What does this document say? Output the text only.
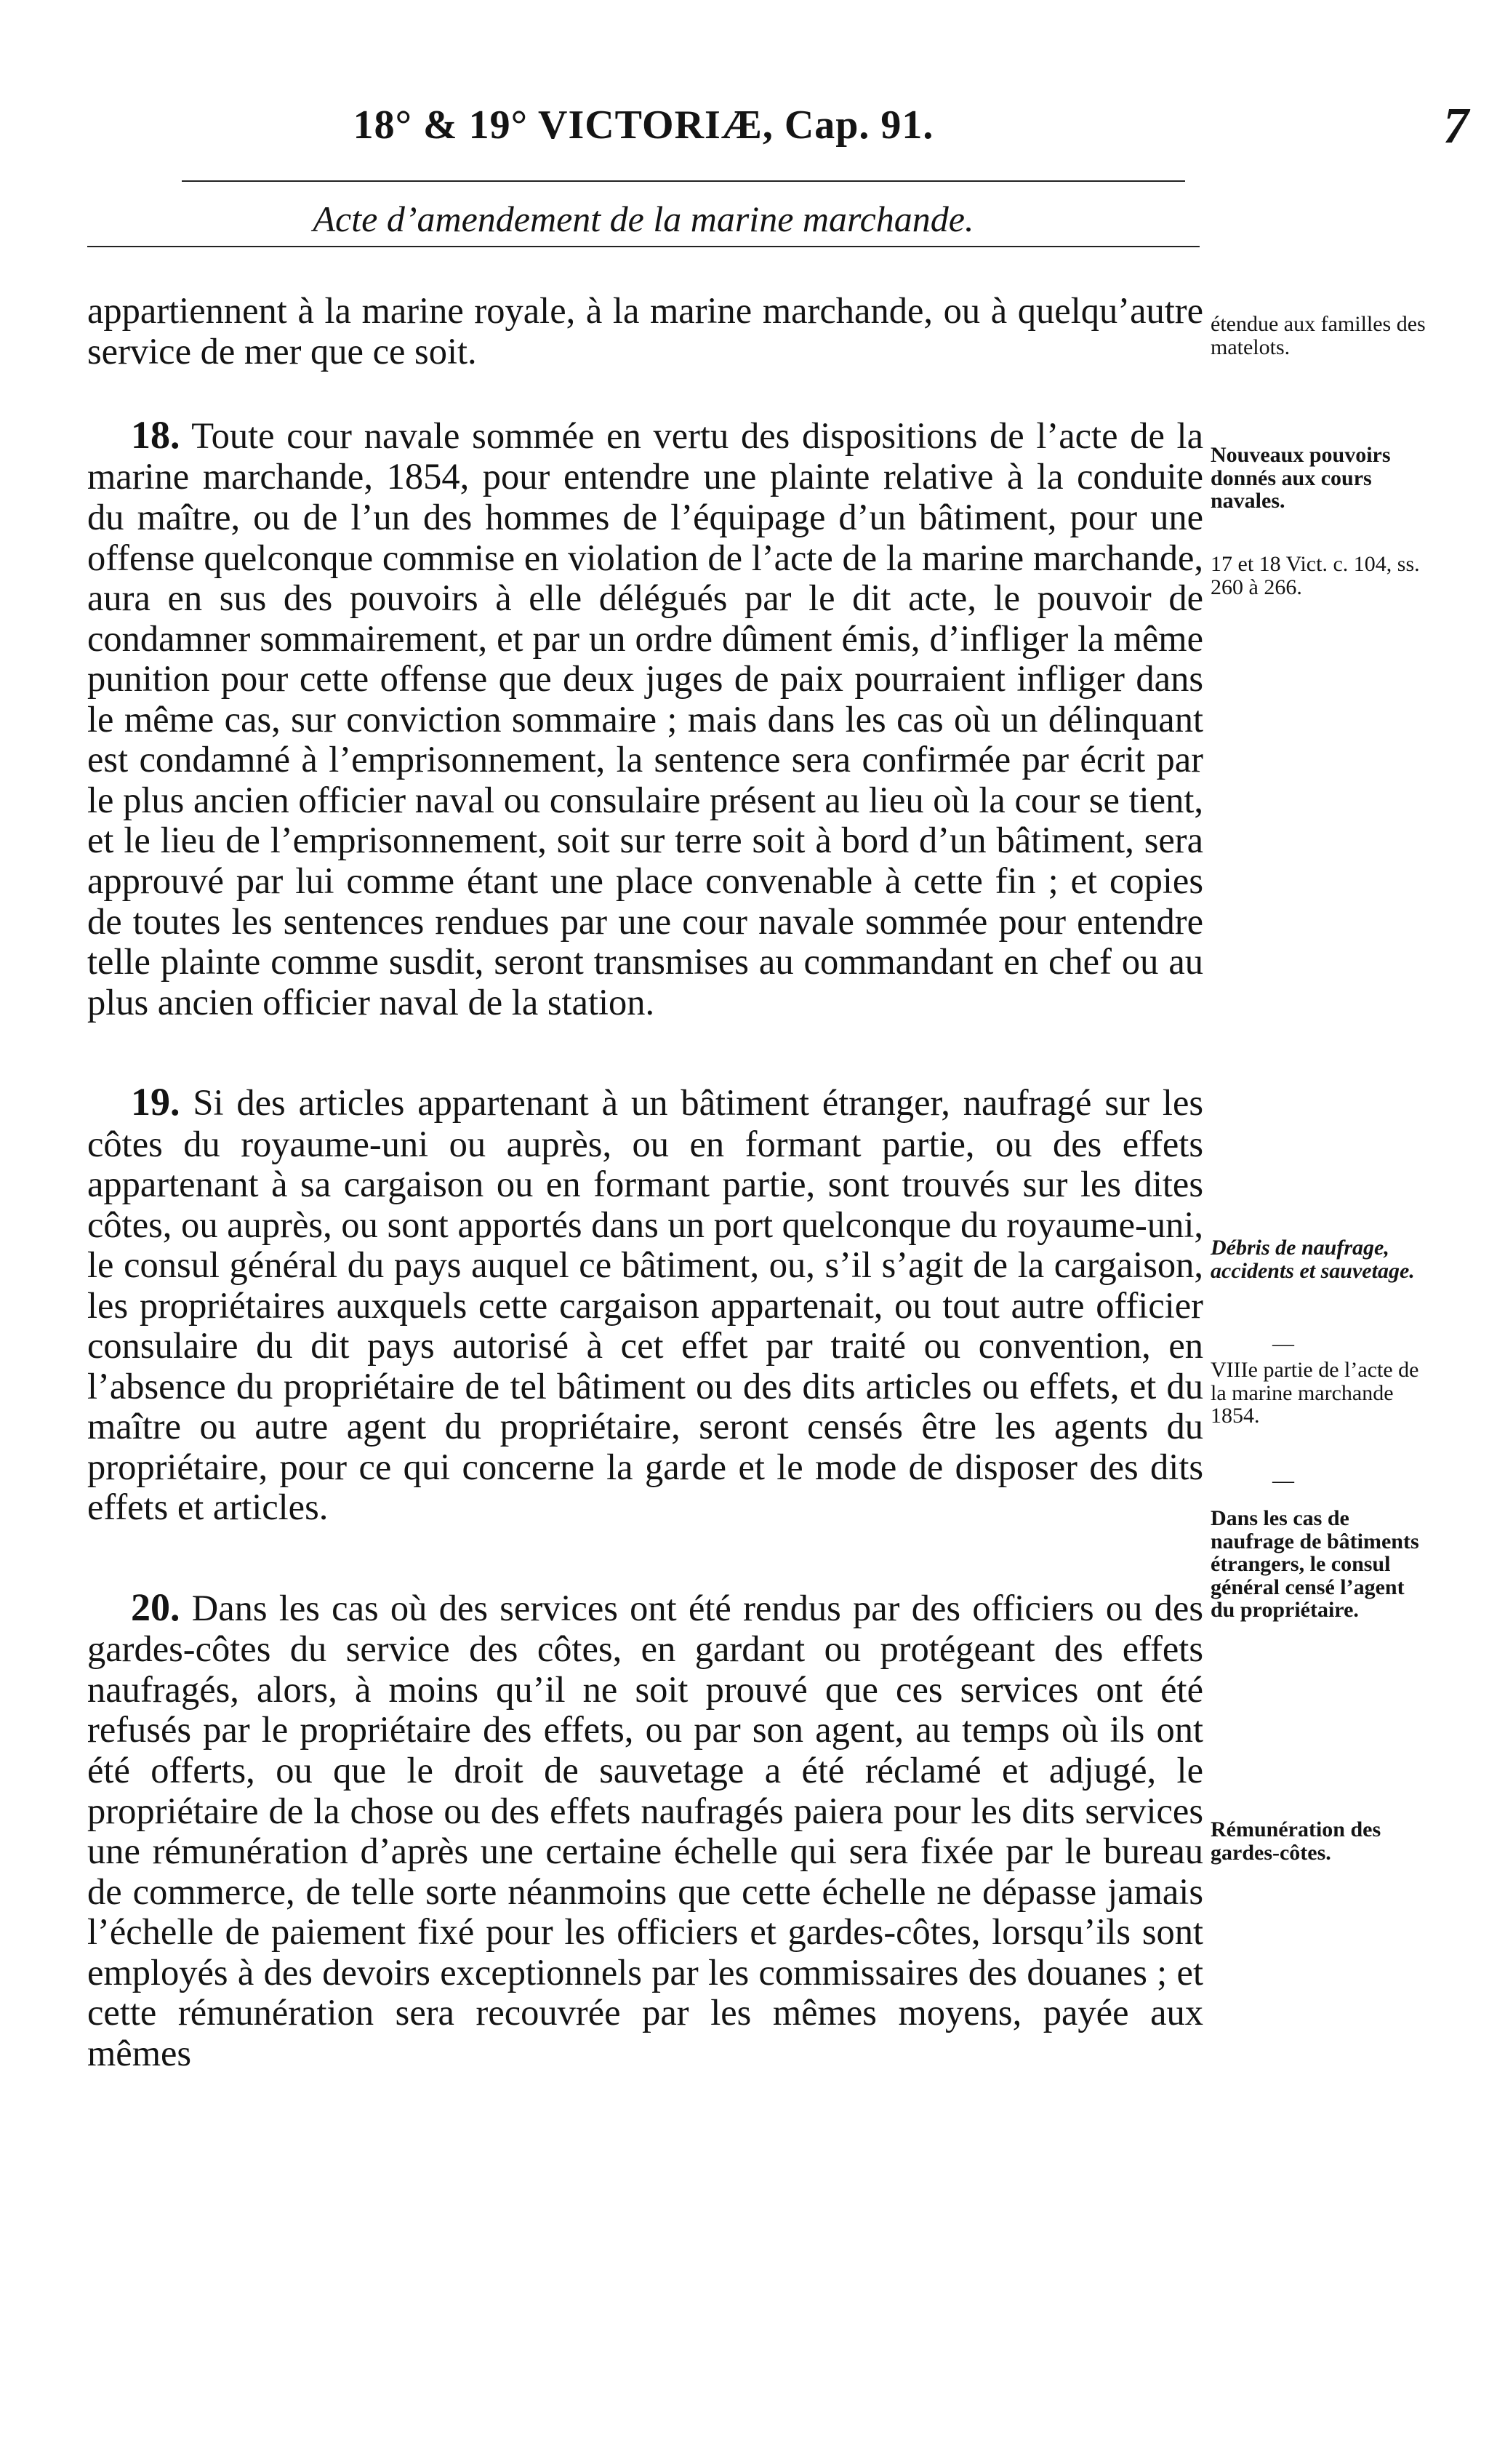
18° & 19° VICTORIÆ, Cap. 91.	7
Acte d’amendement de la marine marchande.

appartiennent à la marine royale, à la marine marchande, ou à quelqu’autre service de mer que ce soit.

18. Toute cour navale sommée en vertu des dispositions de l’acte de la marine marchande, 1854, pour entendre une plainte relative à la conduite du maître, ou de l’un des hommes de l’équipage d’un bâtiment, pour une offense quelconque commise en violation de l’acte de la marine marchande, aura en sus des pouvoirs à elle délégués par le dit acte, le pouvoir de condamner sommairement, et par un ordre dûment émis, d’infliger la même punition pour cette offense que deux juges de paix pourraient infliger dans le même cas, sur conviction sommaire ; mais dans les cas où un délinquant est condamné à l’emprisonnement, la sentence sera confirmée par écrit par le plus ancien officier naval ou consulaire présent au lieu où la cour se tient, et le lieu de l’emprisonnement, soit sur terre soit à bord d’un bâtiment, sera approuvé par lui comme étant une place convenable à cette fin ; et copies de toutes les sentences rendues par une cour navale sommée pour entendre telle plainte comme susdit, seront transmises au commandant en chef ou au plus ancien officier naval de la station.

19. Si des articles appartenant à un bâtiment étranger, naufragé sur les côtes du royaume-uni ou auprès, ou en formant partie, ou des effets appartenant à sa cargaison ou en formant partie, sont trouvés sur les dites côtes, ou auprès, ou sont apportés dans un port quelconque du royaume-uni, le consul général du pays auquel ce bâtiment, ou, s’il s’agit de la cargaison, les propriétaires auxquels cette cargaison appartenait, ou tout autre officier consulaire du dit pays autorisé à cet effet par traité ou convention, en l’absence du propriétaire de tel bâtiment ou des dits articles ou effets, et du maître ou autre agent du propriétaire, seront censés être les agents du propriétaire, pour ce qui concerne la garde et le mode de disposer des dits effets et articles.

20. Dans les cas où des services ont été rendus par des officiers ou des gardes-côtes du service des côtes, en gardant ou protégeant des effets naufragés, alors, à moins qu’il ne soit prouvé que ces services ont été refusés par le propriétaire des effets, ou par son agent, au temps où ils ont été offerts, ou que le droit de sauvetage a été réclamé et adjugé, le propriétaire de la chose ou des effets naufragés paiera pour les dits services une rémunération d’après une certaine échelle qui sera fixée par le bureau de commerce, de telle sorte néanmoins que cette échelle ne dépasse jamais l’échelle de paiement fixé pour les officiers et gardes-côtes, lorsqu’ils sont employés à des devoirs exceptionnels par les commissaires des douanes ; et cette rémunération sera recouvrée par les mêmes moyens, payée aux mêmes

étendue aux familles des matelots.

Nouveaux pouvoirs donnés aux cours navales.

17 et 18 Vict. c. 104, ss. 260 à 266.

Débris de naufrage, accidents et sauvetage.

—

VIIIe partie de l’acte de la marine marchande 1854.

—

Dans les cas de naufrage de bâtiments étrangers, le consul général censé l’agent du propriétaire.

Rémunération des gardes-côtes.
